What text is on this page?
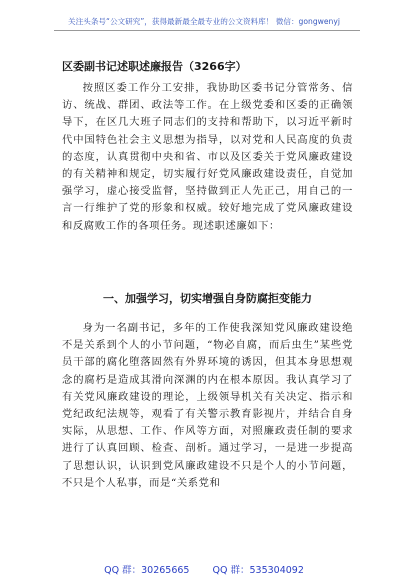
关注头条号“公文研究”，获得最新最全最专业的公文资料库！ 微信：gongwenyj
区委副书记述职述廉报告（3266字）

按照区委工作分工安排，我协助区委书记分管常务、信访、统战、群团、政法等工作。在上级党委和区委的正确领导下，在区几大班子同志们的支持和帮助下，以习近平新时代中国特色社会主义思想为指导，以对党和人民高度的负责的态度，认真贯彻中央和省、市以及区委关于党风廉政建设的有关精神和规定，切实履行好党风廉政建设责任，自觉加强学习，虚心接受监督，坚持做到正人先正己，用自己的一言一行维护了党的形象和权威。较好地完成了党风廉政建设和反腐败工作的各项任务。现述职述廉如下：

一、加强学习，切实增强自身防腐拒变能力

身为一名副书记，多年的工作使我深知党风廉政建设绝不是关系到个人的小节问题，“物必自腐，而后虫生”某些党员干部的腐化堕落固然有外界环境的诱因，但其本身思想观念的腐朽是造成其滑向深渊的内在根本原因。我认真学习了有关党风廉政建设的理论，上级领导机关有关决定、指示和党纪政纪法规等，观看了有关警示教育影视片，并结合自身实际，从思想、工作、作风等方面，对照廉政责任制的要求进行了认真回顾、检查、剖析。通过学习，一是进一步提高了思想认识，认识到党风廉政建设不只是个人的小节问题，不只是个人私事，而是“关系党和

QQ 群：30265665 QQ 群：535304092
